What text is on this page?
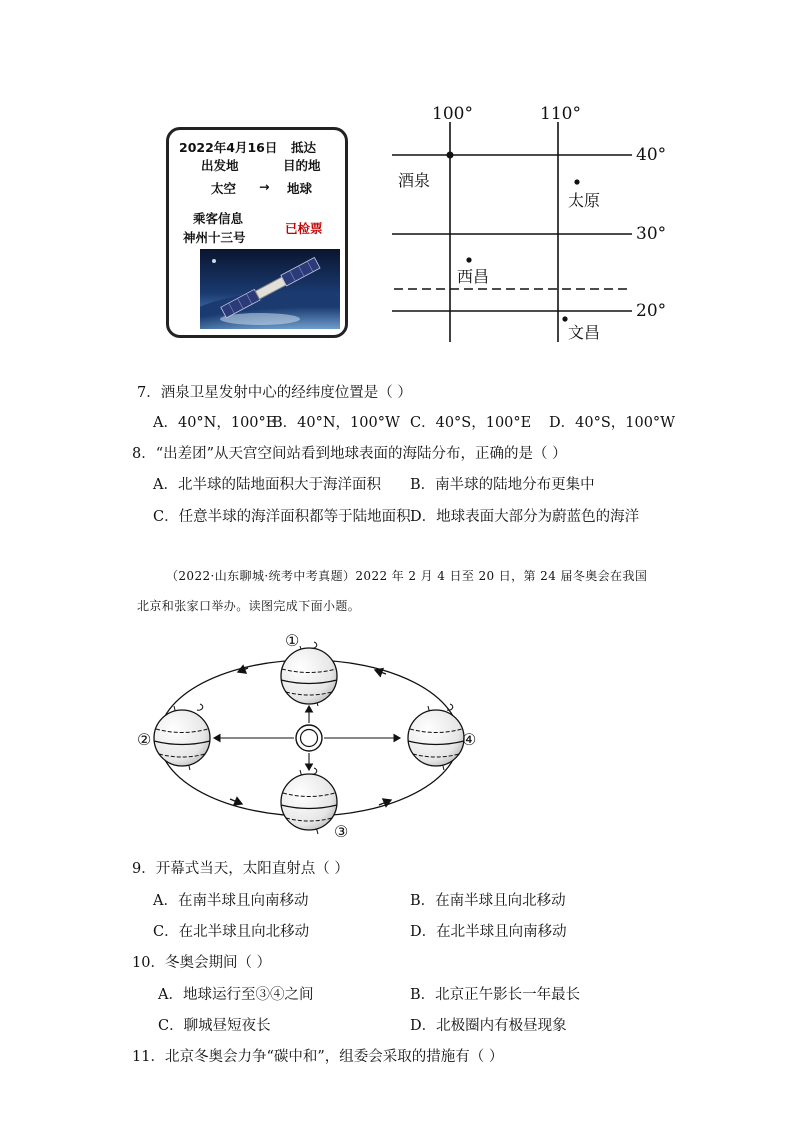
2022年4月16日 抵达
出发地	目的地
太空 → 地球
乘客信息
已检票
神州十三号
100°	110°
40°
30°
20°
酒泉
太原
西昌
文昌
7．酒泉卫星发射中心的经纬度位置是（ ）
A．40°N，100°E
B．40°N，100°W C．40°S，100°E D．40°S，100°W
8．“出差团”从天宫空间站看到地球表面的海陆分布，正确的是（ ）
A．北半球的陆地面积大于海洋面积 B．南半球的陆地分布更集中
C．任意半球的海洋面积都等于陆地面积 D．地球表面大部分为蔚蓝色的海洋
（2022·山东聊城·统考中考真题）2022 年 2 月 4 日至 20 日，第 24 届冬奥会在我国
北京和张家口举办。读图完成下面小题。
①
②
③
④
9．开幕式当天，太阳直射点（ ）
A．在南半球且向南移动	B．在南半球且向北移动
C．在北半球且向北移动	D．在北半球且向南移动
10．冬奥会期间（ ）
A．地球运行至③④之间	B．北京正午影长一年最长
C．聊城昼短夜长	D．北极圈内有极昼现象
11．北京冬奥会力争“碳中和”，组委会采取的措施有（ ）
